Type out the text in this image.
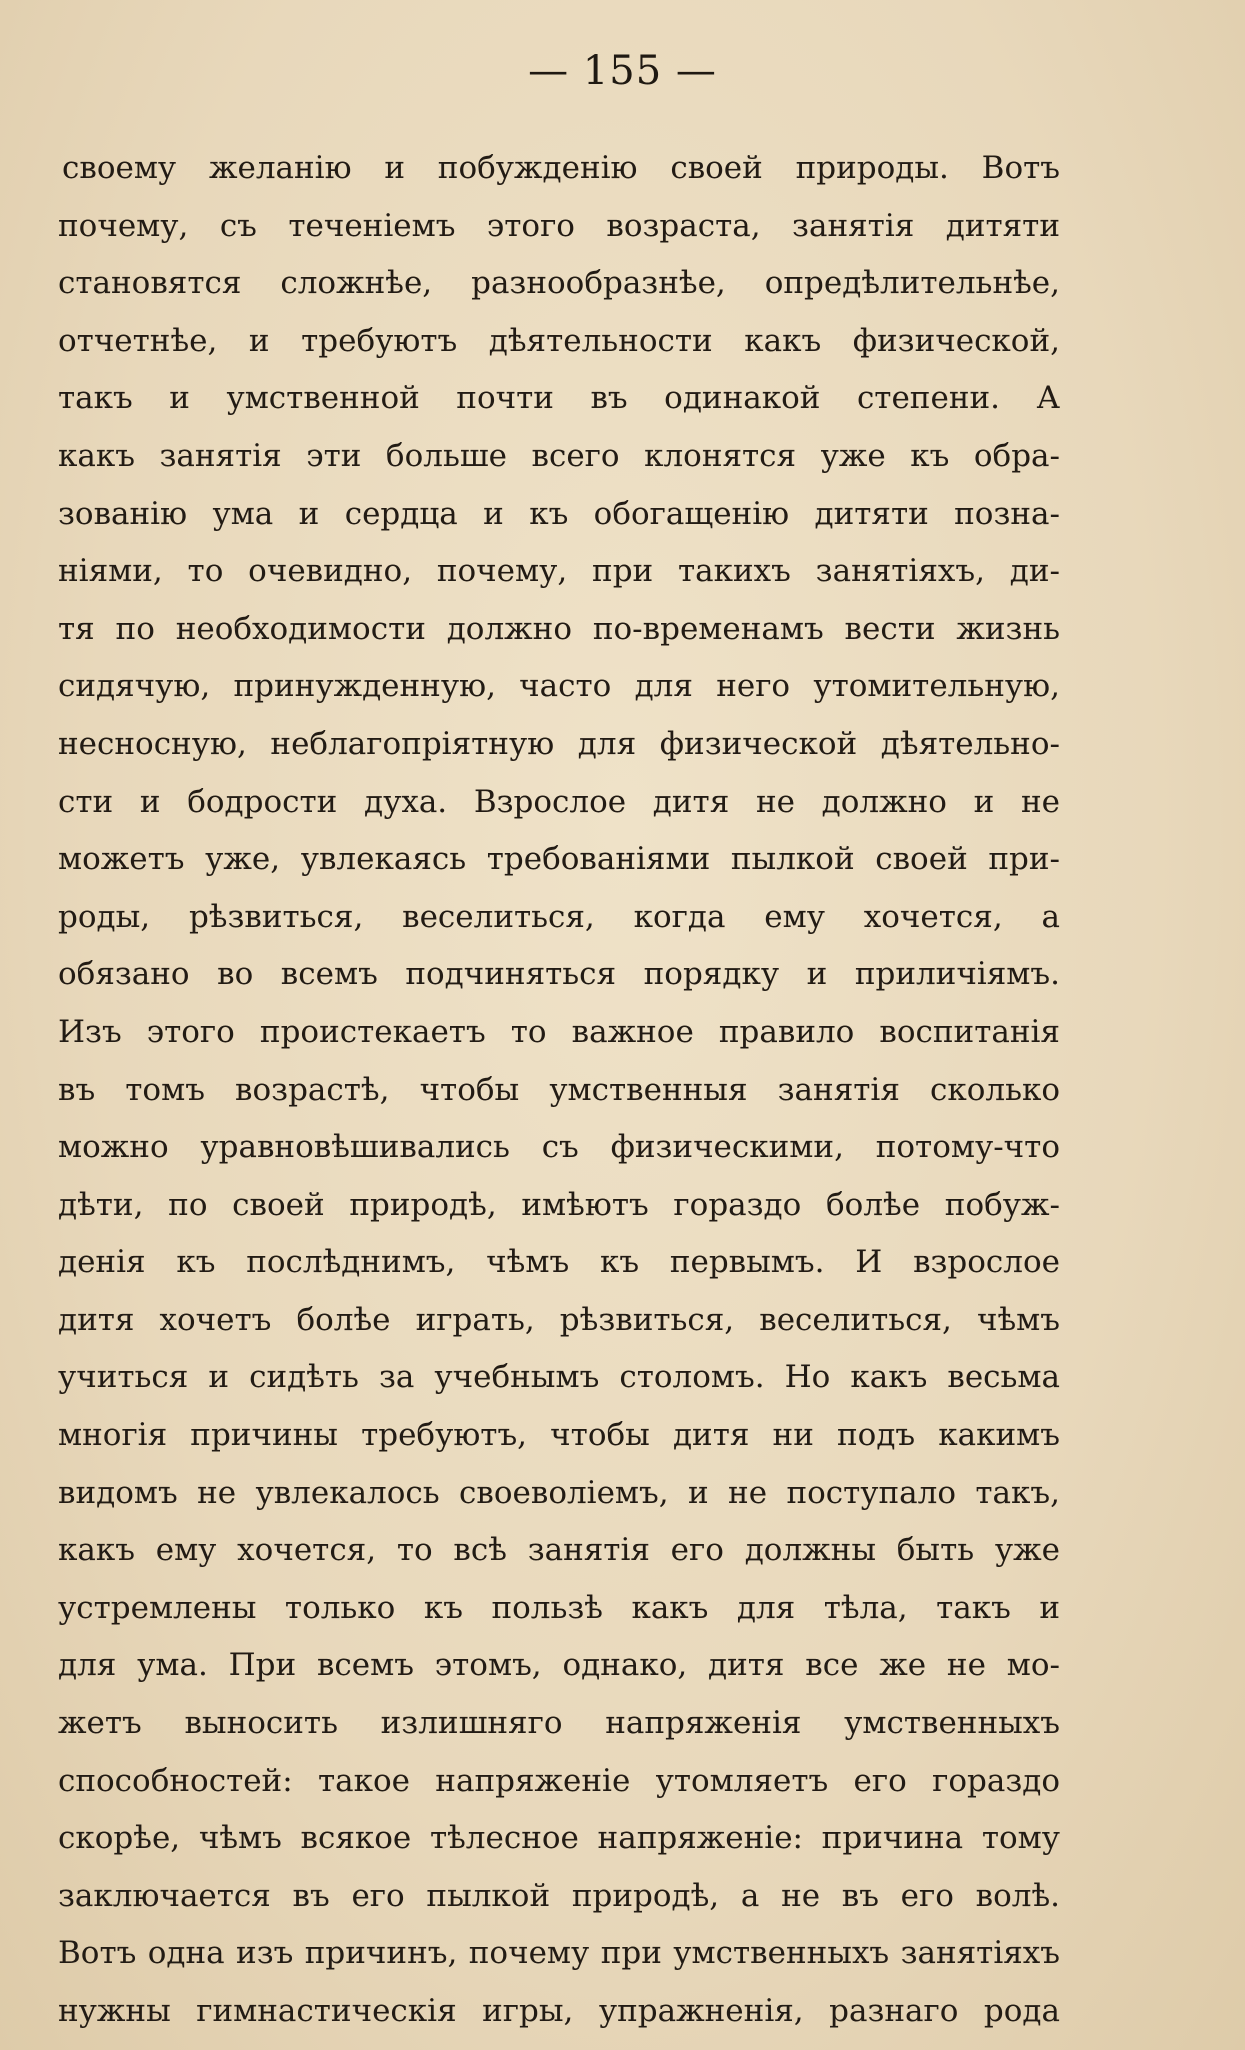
— 155 —
своему желанію и побужденію своей природы. Вотъ
почему, съ теченіемъ этого возраста, занятія дитяти
становятся сложнѣе, разнообразнѣе, опредѣлительнѣе,
отчетнѣе, и требуютъ дѣятельности какъ физической,
такъ и умственной почти въ одинакой степени. А
какъ занятія эти больше всего клонятся уже къ обра-
зованію ума и сердца и къ обогащенію дитяти позна-
ніями, то очевидно, почему, при такихъ занятіяхъ, ди-
тя по необходимости должно по-временамъ вести жизнь
сидячую, принужденную, часто для него утомительную,
несносную, неблагопріятную для физической дѣятельно-
сти и бодрости духа. Взрослое дитя не должно и не
можетъ уже, увлекаясь требованіями пылкой своей при-
роды, рѣзвиться, веселиться, когда ему хочется, а
обязано во всемъ подчиняться порядку и приличіямъ.
Изъ этого проистекаетъ то важное правило воспитанія
въ томъ возрастѣ, чтобы умственныя занятія сколько
можно уравновѣшивались съ физическими, потому-что
дѣти, по своей природѣ, имѣютъ гораздо болѣе побуж-
денія къ послѣднимъ, чѣмъ къ первымъ. И взрослое
дитя хочетъ болѣе играть, рѣзвиться, веселиться, чѣмъ
учиться и сидѣть за учебнымъ столомъ. Но какъ весьма
многія причины требуютъ, чтобы дитя ни подъ какимъ
видомъ не увлекалось своеволіемъ, и не поступало такъ,
какъ ему хочется, то всѣ занятія его должны быть уже
устремлены только къ пользѣ какъ для тѣла, такъ и
для ума. При всемъ этомъ, однако, дитя все же не мо-
жетъ выносить излишняго напряженія умственныхъ
способностей: такое напряженіе утомляетъ его гораздо
скорѣе, чѣмъ всякое тѣлесное напряженіе: причина тому
заключается въ его пылкой природѣ, а не въ его волѣ.
Вотъ одна изъ причинъ, почему при умственныхъ занятіяхъ
нужны гимнастическія игры, упражненія, разнаго рода
